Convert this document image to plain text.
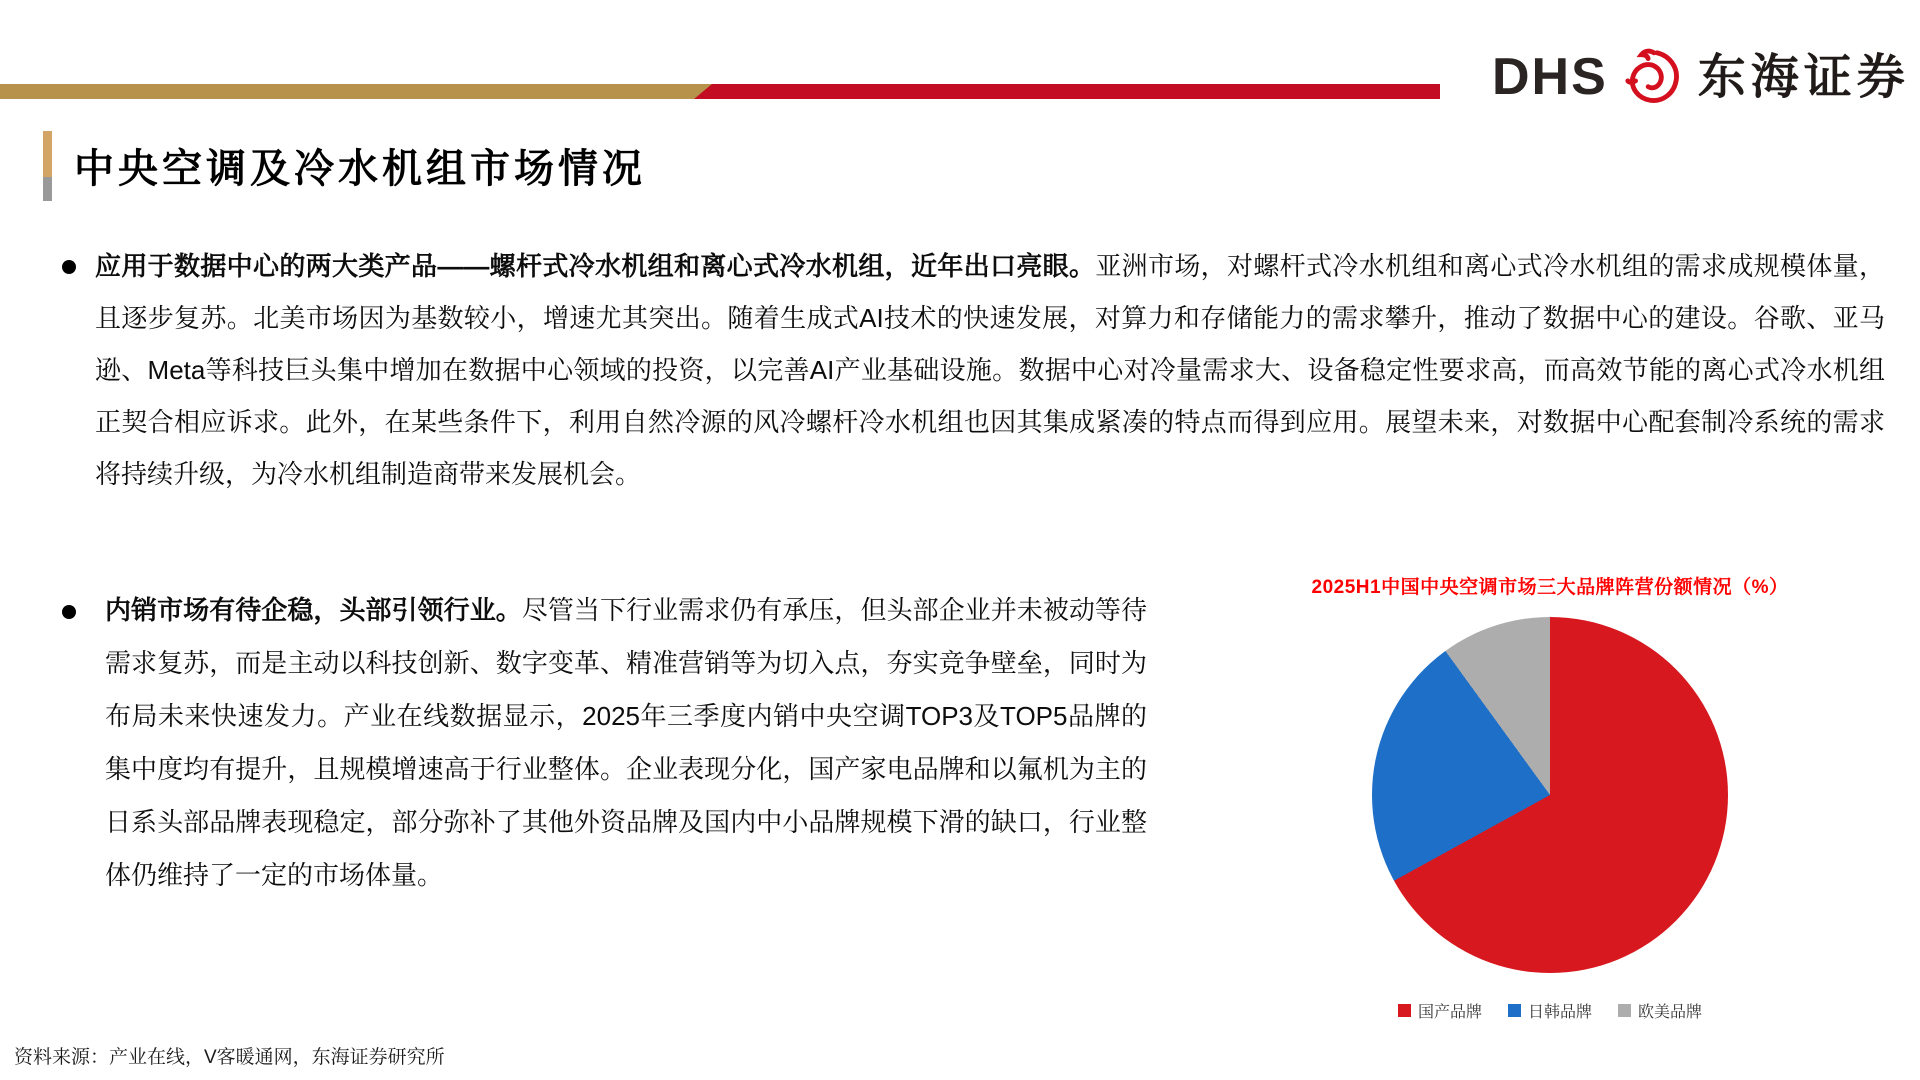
DHS 东海证券
中央空调及冷水机组市场情况

应用于数据中心的两大类产品——螺杆式冷水机组和离心式冷水机组，近年出口亮眼。亚洲市场，对螺杆式冷水机组和离心式冷水机组的需求成规模体量，且逐步复苏。北美市场因为基数较小，增速尤其突出。随着生成式AI技术的快速发展，对算力和存储能力的需求攀升，推动了数据中心的建设。谷歌、亚马逊、Meta等科技巨头集中增加在数据中心领域的投资，以完善AI产业基础设施。数据中心对冷量需求大、设备稳定性要求高，而高效节能的离心式冷水机组正契合相应诉求。此外，在某些条件下，利用自然冷源的风冷螺杆冷水机组也因其集成紧凑的特点而得到应用。展望未来，对数据中心配套制冷系统的需求将持续升级，为冷水机组制造商带来发展机会。

内销市场有待企稳，头部引领行业。尽管当下行业需求仍有承压，但头部企业并未被动等待需求复苏，而是主动以科技创新、数字变革、精准营销等为切入点，夯实竞争壁垒，同时为布局未来快速发力。产业在线数据显示，2025年三季度内销中央空调TOP3及TOP5品牌的集中度均有提升，且规模增速高于行业整体。企业表现分化，国产家电品牌和以氟机为主的日系头部品牌表现稳定，部分弥补了其他外资品牌及国内中小品牌规模下滑的缺口，行业整体仍维持了一定的市场体量。

2025H1中国中央空调市场三大品牌阵营份额情况（%）
国产品牌	日韩品牌	欧美品牌
资料来源：产业在线，V客暖通网，东海证券研究所
